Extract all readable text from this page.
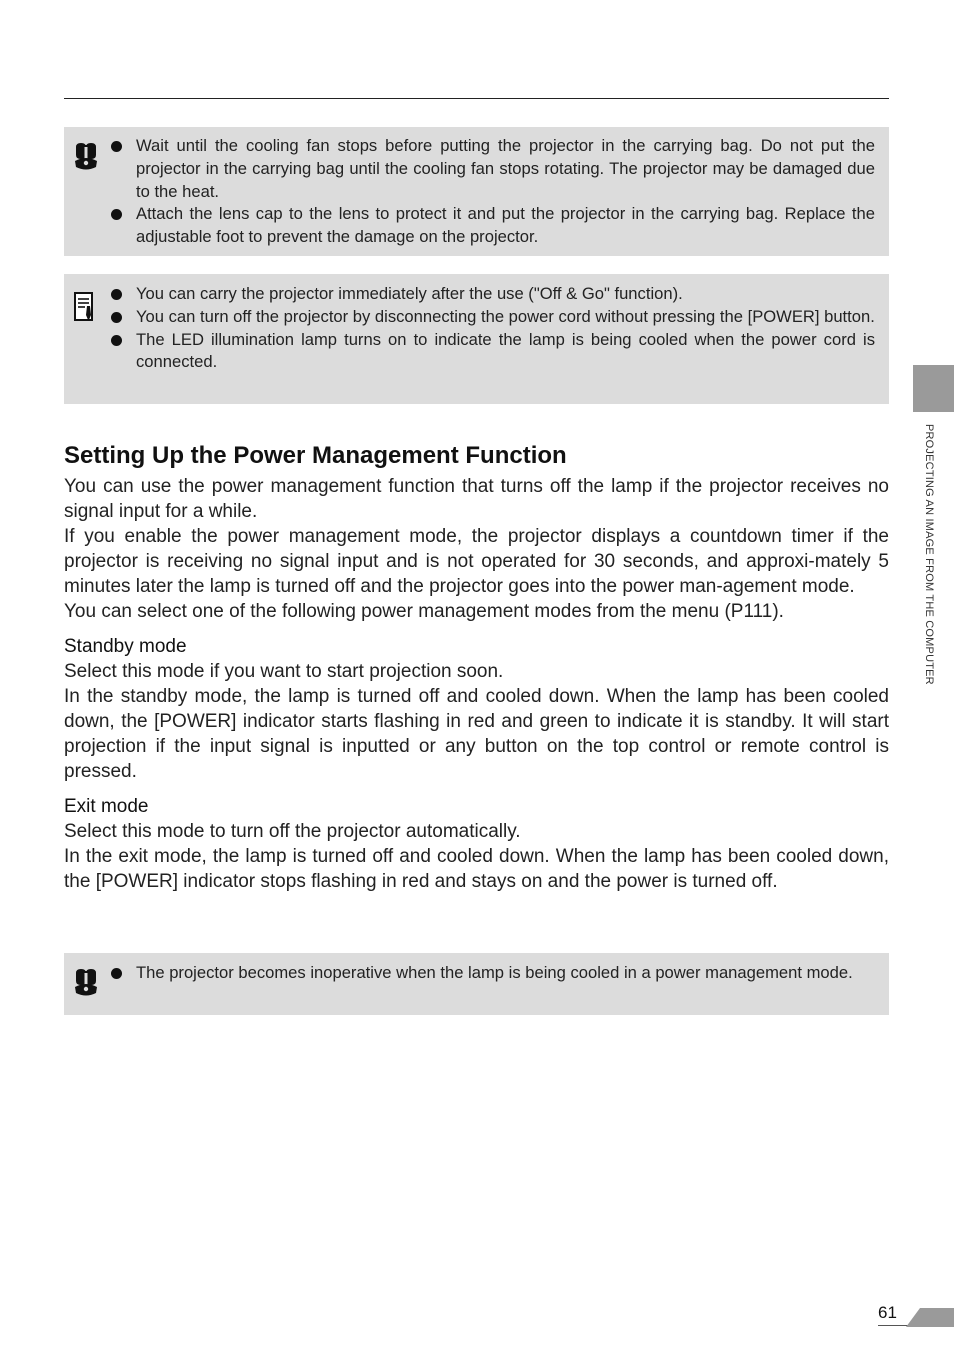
Wait until the cooling fan stops before putting the projector in the carrying bag. Do not put the projector in the carrying bag until the cooling fan stops rotating. The projector may be damaged due to the heat.
Attach the lens cap to the lens to protect it and put the projector in the carrying bag. Replace the adjustable foot to prevent the damage on the projector.
You can carry the projector immediately after the use ("Off & Go" function).
You can turn off the projector by disconnecting the power cord without pressing the [POWER] button.
The LED illumination lamp turns on to indicate the lamp is being cooled when the power cord is connected.
Setting Up the Power Management Function

You can use the power management function that turns off the lamp if the projector receives no signal input for a while.

If you enable the power management mode, the projector displays a countdown timer if the projector is receiving no signal input and is not operated for 30 seconds, and approxi-mately 5 minutes later the lamp is turned off and the projector goes into the power man-agement mode.

You can select one of the following power management modes from the menu (P111).

Standby mode

Select this mode if you want to start projection soon.

In the standby mode, the lamp is turned off and cooled down. When the lamp has been cooled down, the [POWER] indicator starts flashing in red and green to indicate it is standby. It will start projection if the input signal is inputted or any button on the top control or remote control is pressed.

Exit mode

Select this mode to turn off the projector automatically.

In the exit mode, the lamp is turned off and cooled down. When the lamp has been cooled down, the [POWER] indicator stops flashing in red and stays on and the power is turned off.

The projector becomes inoperative when the lamp is being cooled in a power management mode.
PROJECTING AN IMAGE FROM THE COMPUTER
61
